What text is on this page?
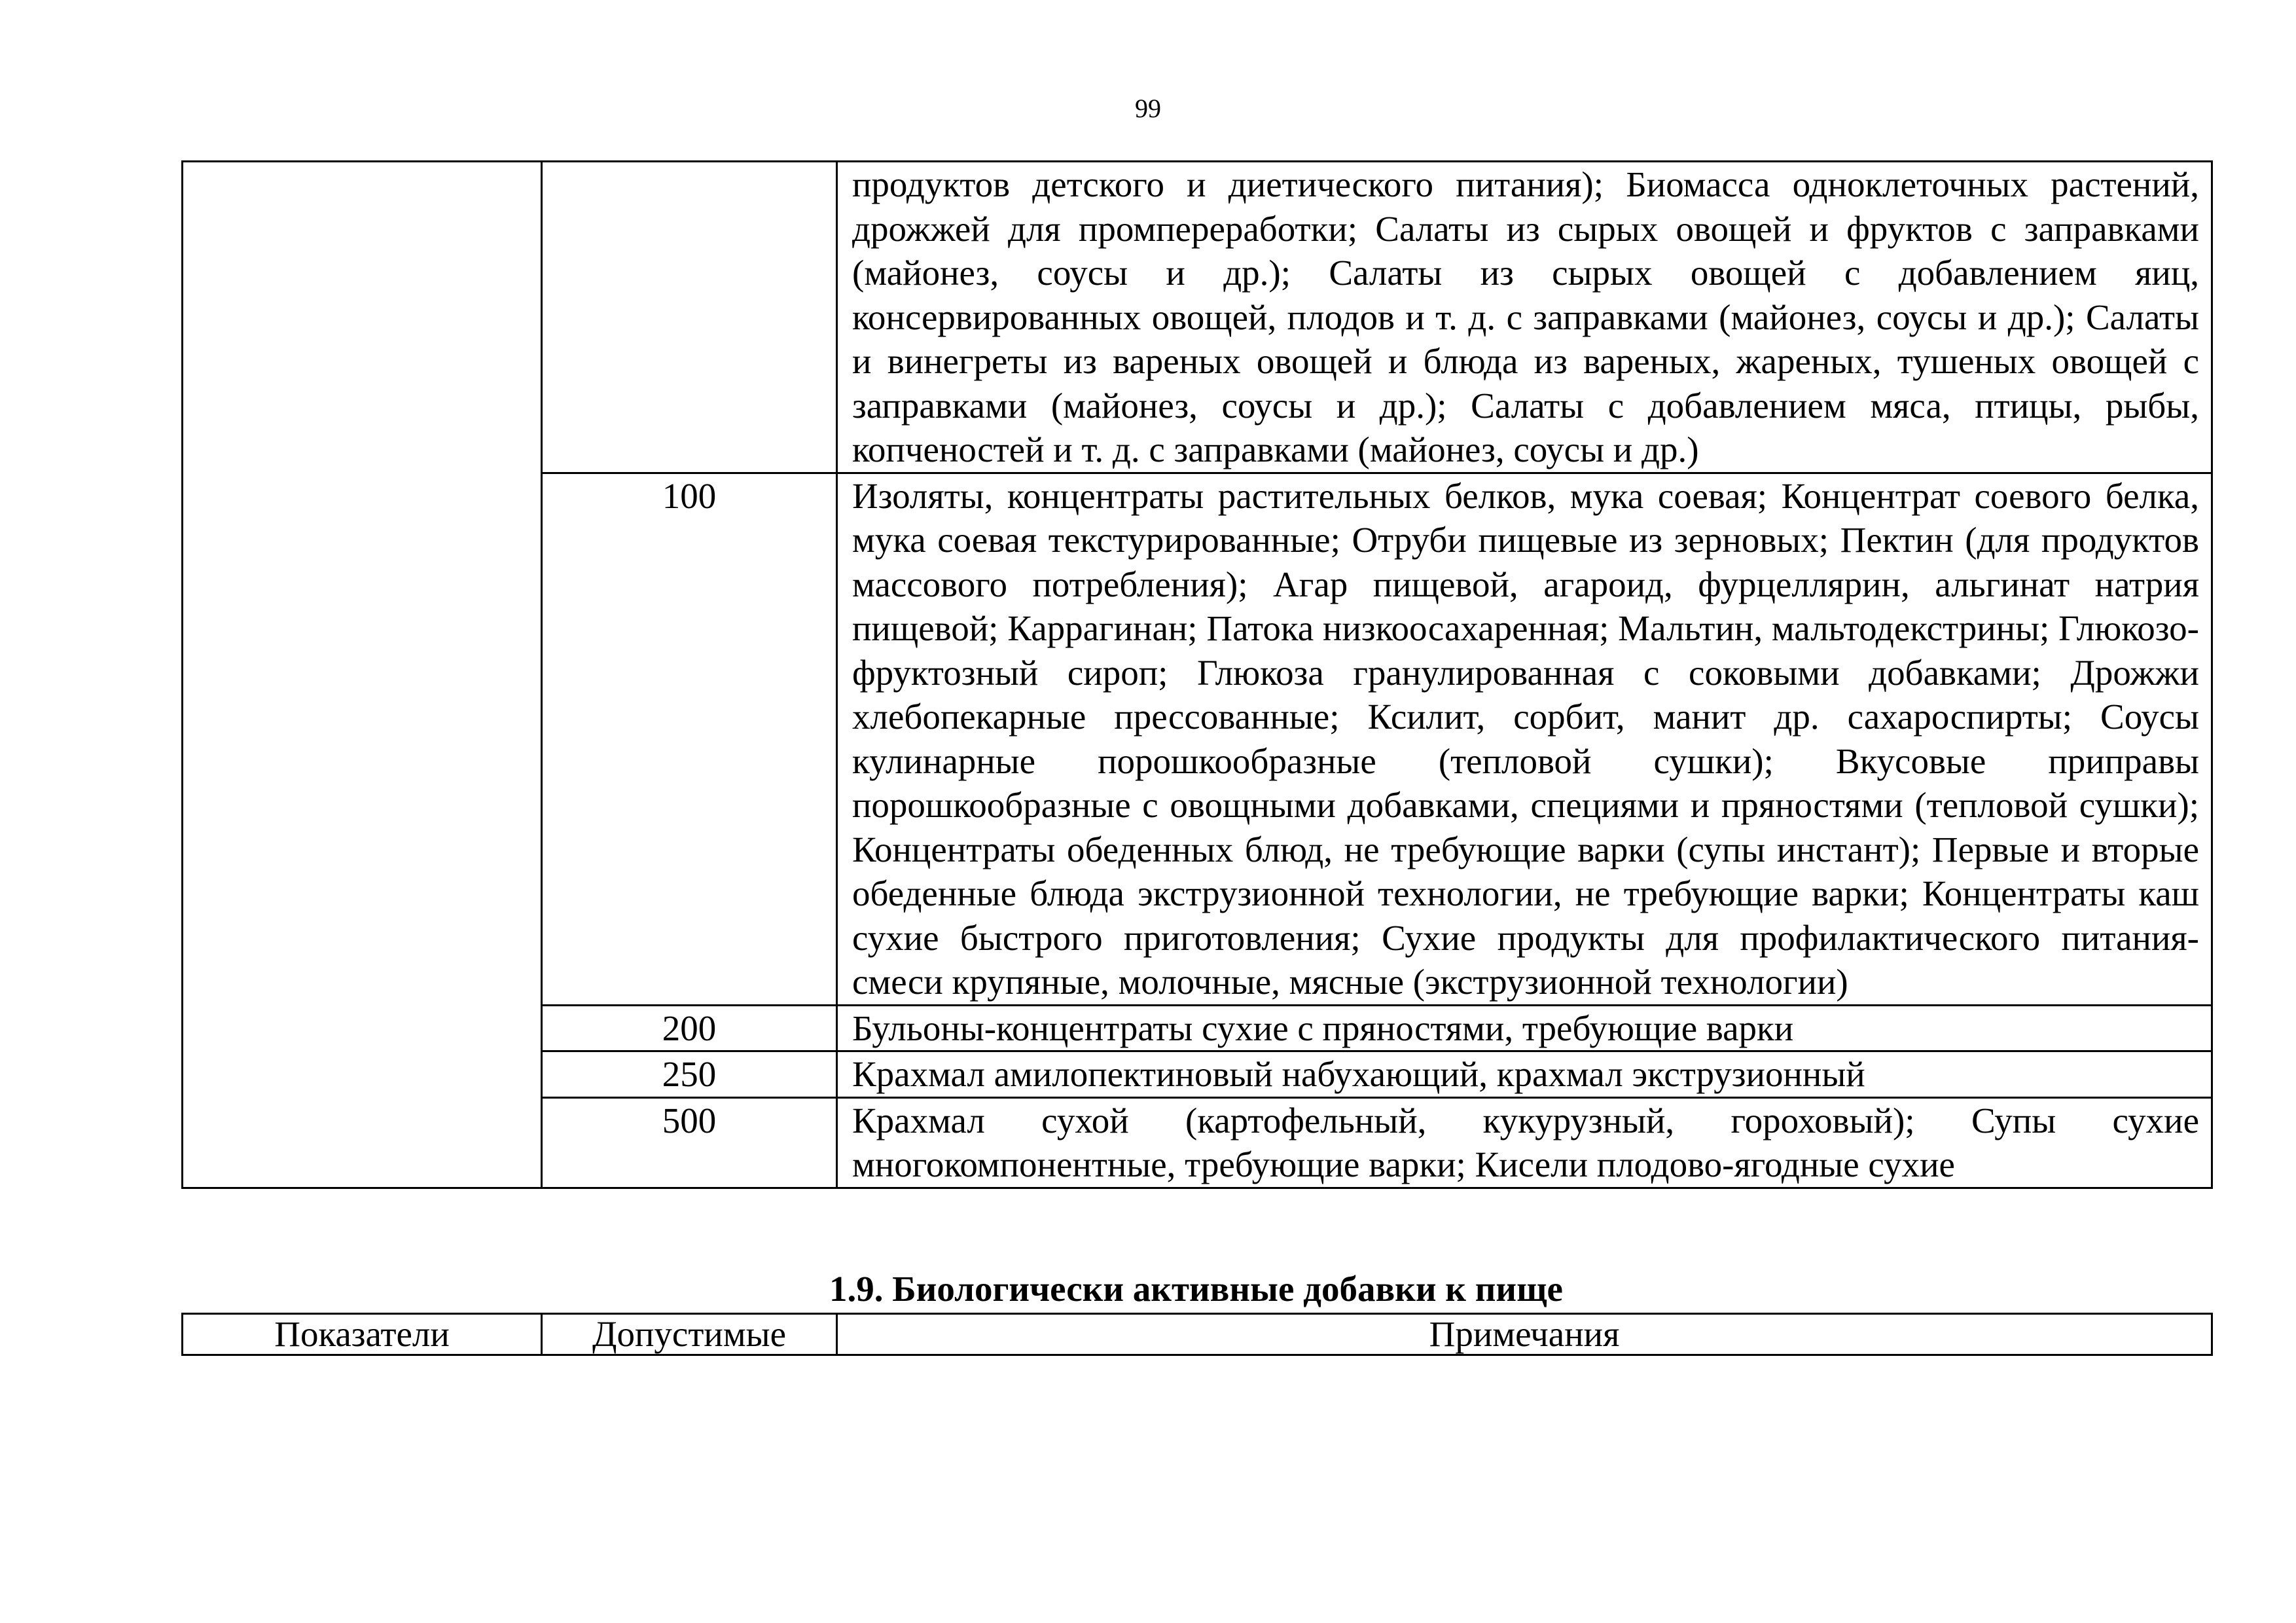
99
		продуктов детского и диетического питания); Биомасса одноклеточных растений, дрожжей для промпереработки; Салаты из сырых овощей и фруктов с заправками (майонез, соусы и др.); Салаты из сырых овощей с добавлением яиц, консервированных овощей, плодов и т. д. с заправками (майонез, соусы и др.); Салаты и винегреты из вареных овощей и блюда из вареных, жареных, тушеных овощей с заправками (майонез, соусы и др.); Салаты с добавлением мяса, птицы, рыбы, копченостей и т. д. с заправками (майонез, соусы и др.)
	100	Изоляты, концентраты растительных белков, мука соевая; Концентрат соевого белка, мука соевая текстурированные; Отруби пищевые из зерновых; Пектин (для продуктов массового потребления); Агар пищевой, агароид, фурцеллярин, альгинат натрия пищевой; Каррагинан; Патока низкоосахаренная; Мальтин, мальтодекстрины; Глюкозо-фруктозный сироп; Глюкоза гранулированная с соковыми добавками; Дрожжи хлебопекарные прессованные; Ксилит, сорбит, манит др. сахароспирты; Соусы кулинарные порошкообразные (тепловой сушки); Вкусовые приправы порошкообразные с овощными добавками, специями и пряностями (тепловой сушки); Концентраты обеденных блюд, не требующие варки (супы инстант); Первые и вторые обеденные блюда экструзионной технологии, не требующие варки; Концентраты каш сухие быстрого приготовления; Сухие продукты для профилактического питания- смеси крупяные, молочные, мясные (экструзионной технологии)
	200	Бульоны-концентраты сухие с пряностями, требующие варки
	250	Крахмал амилопектиновый набухающий, крахмал экструзионный
	500	Крахмал сухой (картофельный, кукурузный, гороховый); Супы сухие многокомпонентные, требующие варки; Кисели плодово-ягодные сухие
1.9. Биологически активные добавки к пище
Показатели	Допустимые	Примечания
